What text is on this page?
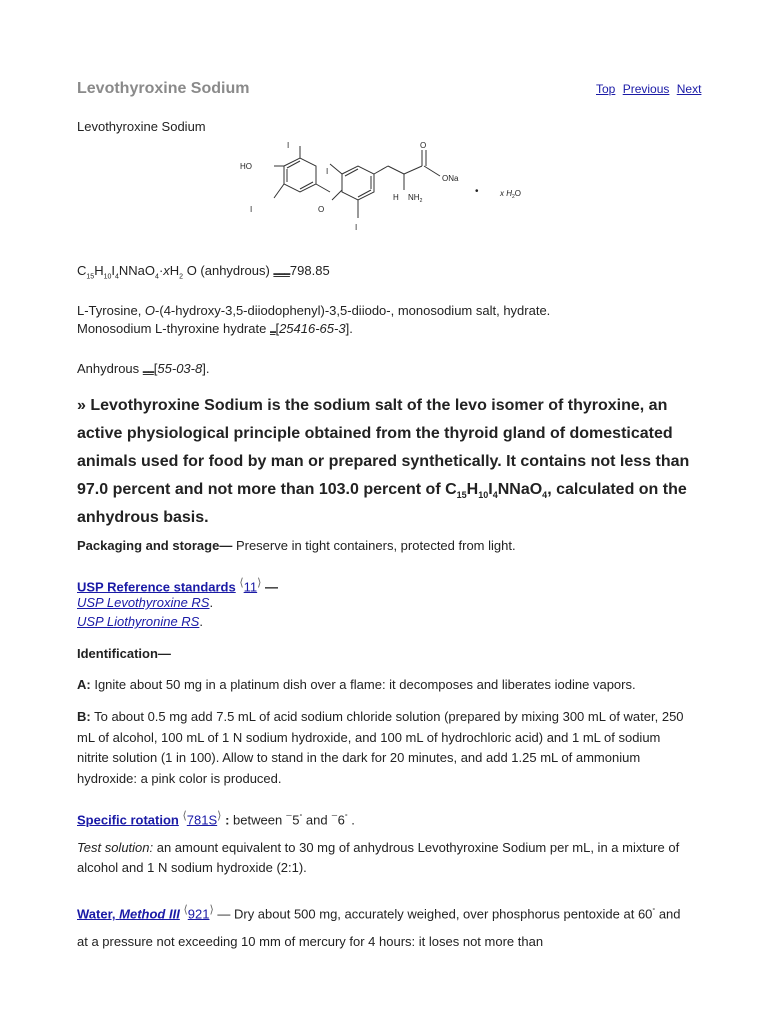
Levothyroxine Sodium	Top Previous Next
Levothyroxine Sodium
HO
I
I
I
I
O
O
ONa
H $NH_2$
•	x $H_2O$
$C_{15}H_{10}I_4NNaO_4\cdot xH_2$ O (anhydrous) ▬▬▬798.85
L-Tyrosine, O-(4-hydroxy-3,5-diiodophenyl)-3,5-diiodo-, monosodium salt, hydrate.
Monosodium L-thyroxine hydrate ▬[25416-65-3].
Anhydrous ▬▬[55-03-8].
» Levothyroxine Sodium is the sodium salt of the levo isomer of thyroxine, an active physiological principle obtained from the thyroid gland of domesticated animals used for food by man or prepared synthetically. It contains not less than 97.0 percent and not more than 103.0 percent of $C_{15}H_{10}I_4NNaO_4$, calculated on the anhydrous basis.
Packaging and storage— Preserve in tight containers, protected from light.
USP Reference standards ⟨11⟩ —
USP Levothyroxine RS.
USP Liothyronine RS.
Identification—
A: Ignite about 50 mg in a platinum dish over a flame: it decomposes and liberates iodine vapors.
B: To about 0.5 mg add 7.5 mL of acid sodium chloride solution (prepared by mixing 300 mL of water, 250 mL of alcohol, 100 mL of 1 N sodium hydroxide, and 100 mL of hydrochloric acid) and 1 mL of sodium nitrite solution (1 in 100). Allow to stand in the dark for 20 minutes, and add 1.25 mL of ammonium hydroxide: a pink color is produced.
Specific rotation ⟨781S⟩ : between −5° and −6° .
Test solution: an amount equivalent to 30 mg of anhydrous Levothyroxine Sodium per mL, in a mixture of alcohol and 1 N sodium hydroxide (2:1).
Water, Method III ⟨921⟩ — Dry about 500 mg, accurately weighed, over phosphorus pentoxide at 60° and at a pressure not exceeding 10 mm of mercury for 4 hours: it loses not more than
